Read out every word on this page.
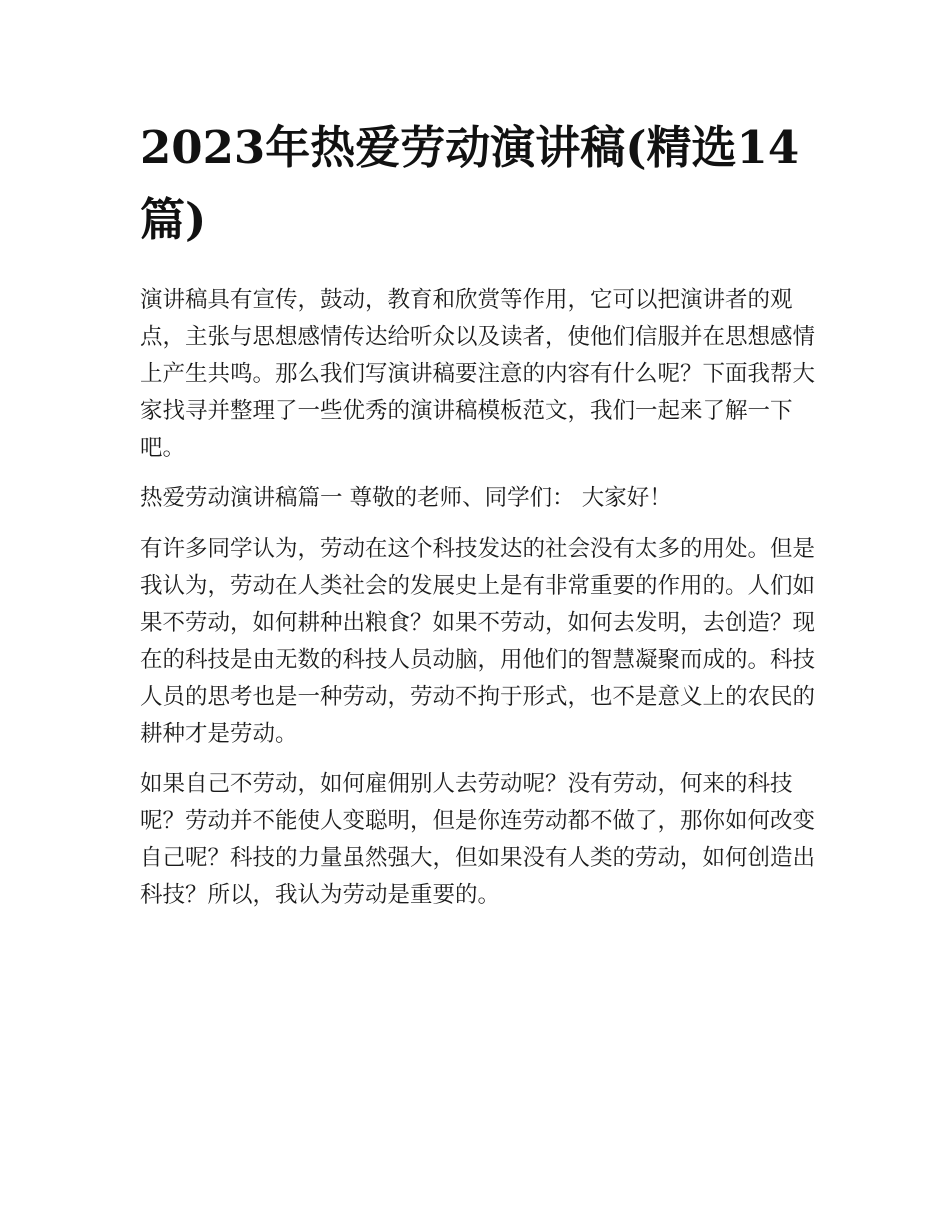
2023年热爱劳动演讲稿(精选14篇)

演讲稿具有宣传，鼓动，教育和欣赏等作用，它可以把演讲者的观点，主张与思想感情传达给听众以及读者，使他们信服并在思想感情上产生共鸣。那么我们写演讲稿要注意的内容有什么呢？下面我帮大家找寻并整理了一些优秀的演讲稿模板范文，我们一起来了解一下吧。

热爱劳动演讲稿篇一 尊敬的老师、同学们： 大家好！

有许多同学认为，劳动在这个科技发达的社会没有太多的用处。但是我认为，劳动在人类社会的发展史上是有非常重要的作用的。人们如果不劳动，如何耕种出粮食？如果不劳动，如何去发明，去创造？现在的科技是由无数的科技人员动脑，用他们的智慧凝聚而成的。科技人员的思考也是一种劳动，劳动不拘于形式，也不是意义上的农民的耕种才是劳动。

如果自己不劳动，如何雇佣别人去劳动呢？没有劳动，何来的科技呢？劳动并不能使人变聪明，但是你连劳动都不做了，那你如何改变自己呢？科技的力量虽然强大，但如果没有人类的劳动，如何创造出科技？所以，我认为劳动是重要的。
